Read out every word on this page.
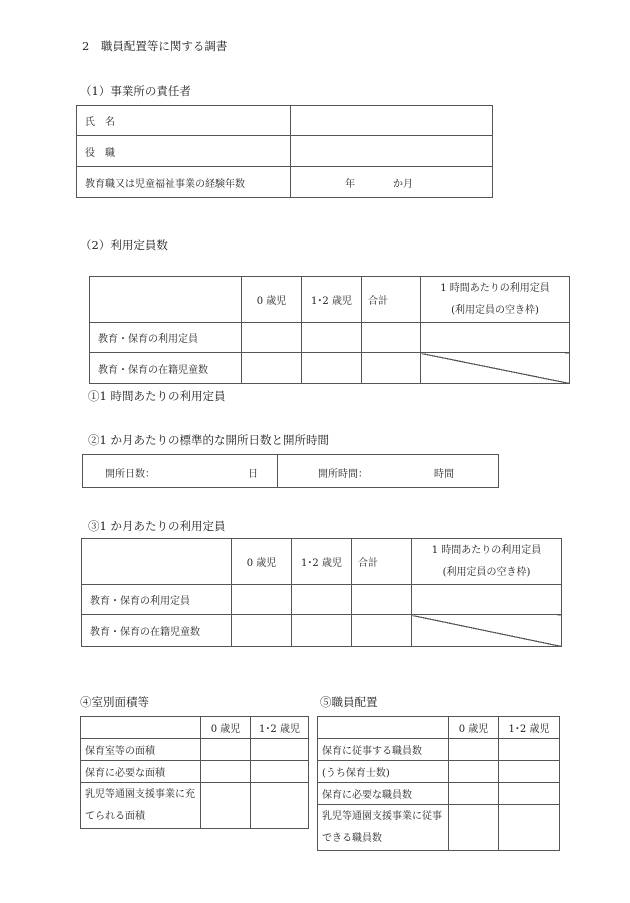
2　職員配置等に関する調書
（1）事業所の責任者
氏　名	
役　職	
教育職又は児童福祉事業の経験年数	年 か月
（2）利用定員数
	0 歳児	1･2 歳児	合計	1 時間あたりの利用定員
(利用定員の空き枠)

教育・保育の利用定員				
教育・保育の在籍児童数				
①1 時間あたりの利用定員
②1 か月あたりの標準的な開所日数と開所時間
開所日数：	日	開所時間：	時間
③1 か月あたりの利用定員
	0 歳児	1･2 歳児	合計	1 時間あたりの利用定員
(利用定員の空き枠)

教育・保育の利用定員				
教育・保育の在籍児童数				
④室別面積等
	0 歳児	1･2 歳児
保育室等の面積		
保育に必要な面積		
乳児等通園支援事業に充てられる面積		
⑤職員配置
	0 歳児	1･2 歳児
保育に従事する職員数		
(うち保育士数)		
保育に必要な職員数		
乳児等通園支援事業に従事できる職員数		
